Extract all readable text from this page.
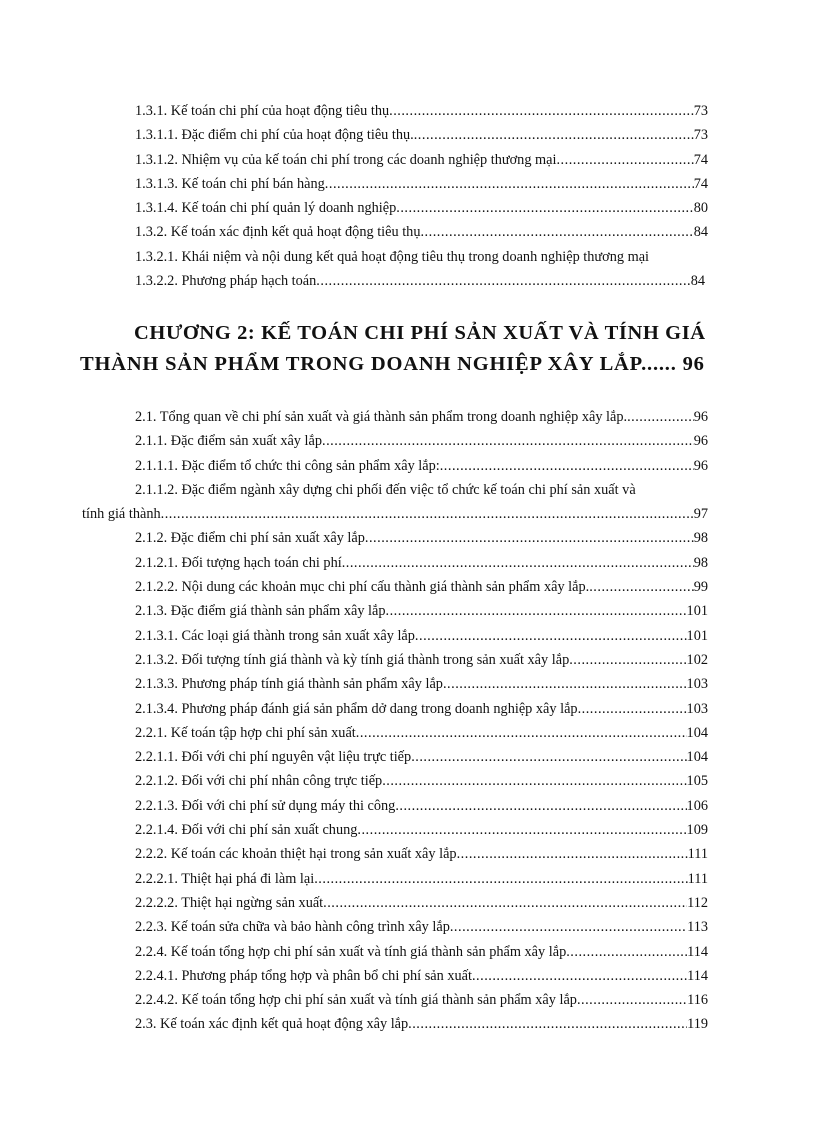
1.3.1. Kế toán chi phí của hoạt động tiêu thụ .....	73
1.3.1.1. Đặc điểm chi phí của hoạt động tiêu thụ. .....	73
1.3.1.2. Nhiệm vụ của kế toán chi phí trong các doanh nghiệp thương mại .....	74
1.3.1.3. Kế toán chi phí bán hàng .....	74
1.3.1.4. Kế toán chi phí quản lý doanh nghiệp .....	80
1.3.2. Kế toán xác định kết quả hoạt động tiêu thụ .....	84
1.3.2.1. Khái niệm và nội dung kết quả hoạt động tiêu thụ trong doanh nghiệp thương mại
1.3.2.2. Phương pháp hạch toán .....	84
CHƯƠNG 2: KẾ TOÁN CHI PHÍ SẢN XUẤT VÀ TÍNH GIÁ
THÀNH SẢN PHẨM TRONG DOANH NGHIỆP XÂY LẮP...... 96
2.1. Tổng quan về chi phí sản xuất và giá thành sản phẩm trong doanh nghiệp xây lắp. .....	96
2.1.1. Đặc điểm sản xuất xây lắp .....	96
2.1.1.1. Đặc điểm tổ chức thi công sản phẩm xây lắp: .....	96
2.1.1.2. Đặc điểm ngành xây dựng chi phối đến việc tổ chức kế toán chi phí sản xuất và
tính giá thành .....	97
2.1.2. Đặc điểm chi phí sản xuất xây lắp .....	98
2.1.2.1. Đối tượng hạch toán chi phí .....	98
2.1.2.2. Nội dung các khoản mục chi phí cấu thành giá thành sản phẩm xây lắp. .....	99
2.1.3. Đặc điểm giá thành sản phẩm xây lắp .....	101
2.1.3.1. Các loại giá thành trong sản xuất xây lắp .....	101
2.1.3.2. Đối tượng tính giá thành và kỳ tính giá thành trong sản xuất xây lắp .....	102
2.1.3.3. Phương pháp tính giá thành sản phẩm xây lắp .....	103
2.1.3.4. Phương pháp đánh giá sản phẩm dở dang trong doanh nghiệp xây lắp .....	103
2.2.1. Kế toán tập hợp chi phí sản xuất .....	104
2.2.1.1. Đối với chi phí nguyên vật liệu trực tiếp .....	104
2.2.1.2. Đối với chi phí nhân công trực tiếp .....	105
2.2.1.3. Đối với chi phí sử dụng máy thi công .....	106
2.2.1.4. Đối với chi phí sản xuất chung .....	109
2.2.2. Kế toán các khoản thiệt hại trong sản xuất xây lắp .....	111
2.2.2.1. Thiệt hại phá đi làm lại .....	111
2.2.2.2. Thiệt hại ngừng sản xuất .....	112
2.2.3. Kế toán sửa chữa và bảo hành công trình xây lắp .....	113
2.2.4. Kế toán tổng hợp chi phí sản xuất và tính giá thành sản phẩm xây lắp .....	114
2.2.4.1. Phương pháp tổng hợp và phân bổ chi phí sản xuất .....	114
2.2.4.2. Kế toán tổng hợp chi phí sản xuất và tính giá thành sản phẩm xây lắp .....	116
2.3. Kế toán xác định kết quả hoạt động xây lắp .....	119
